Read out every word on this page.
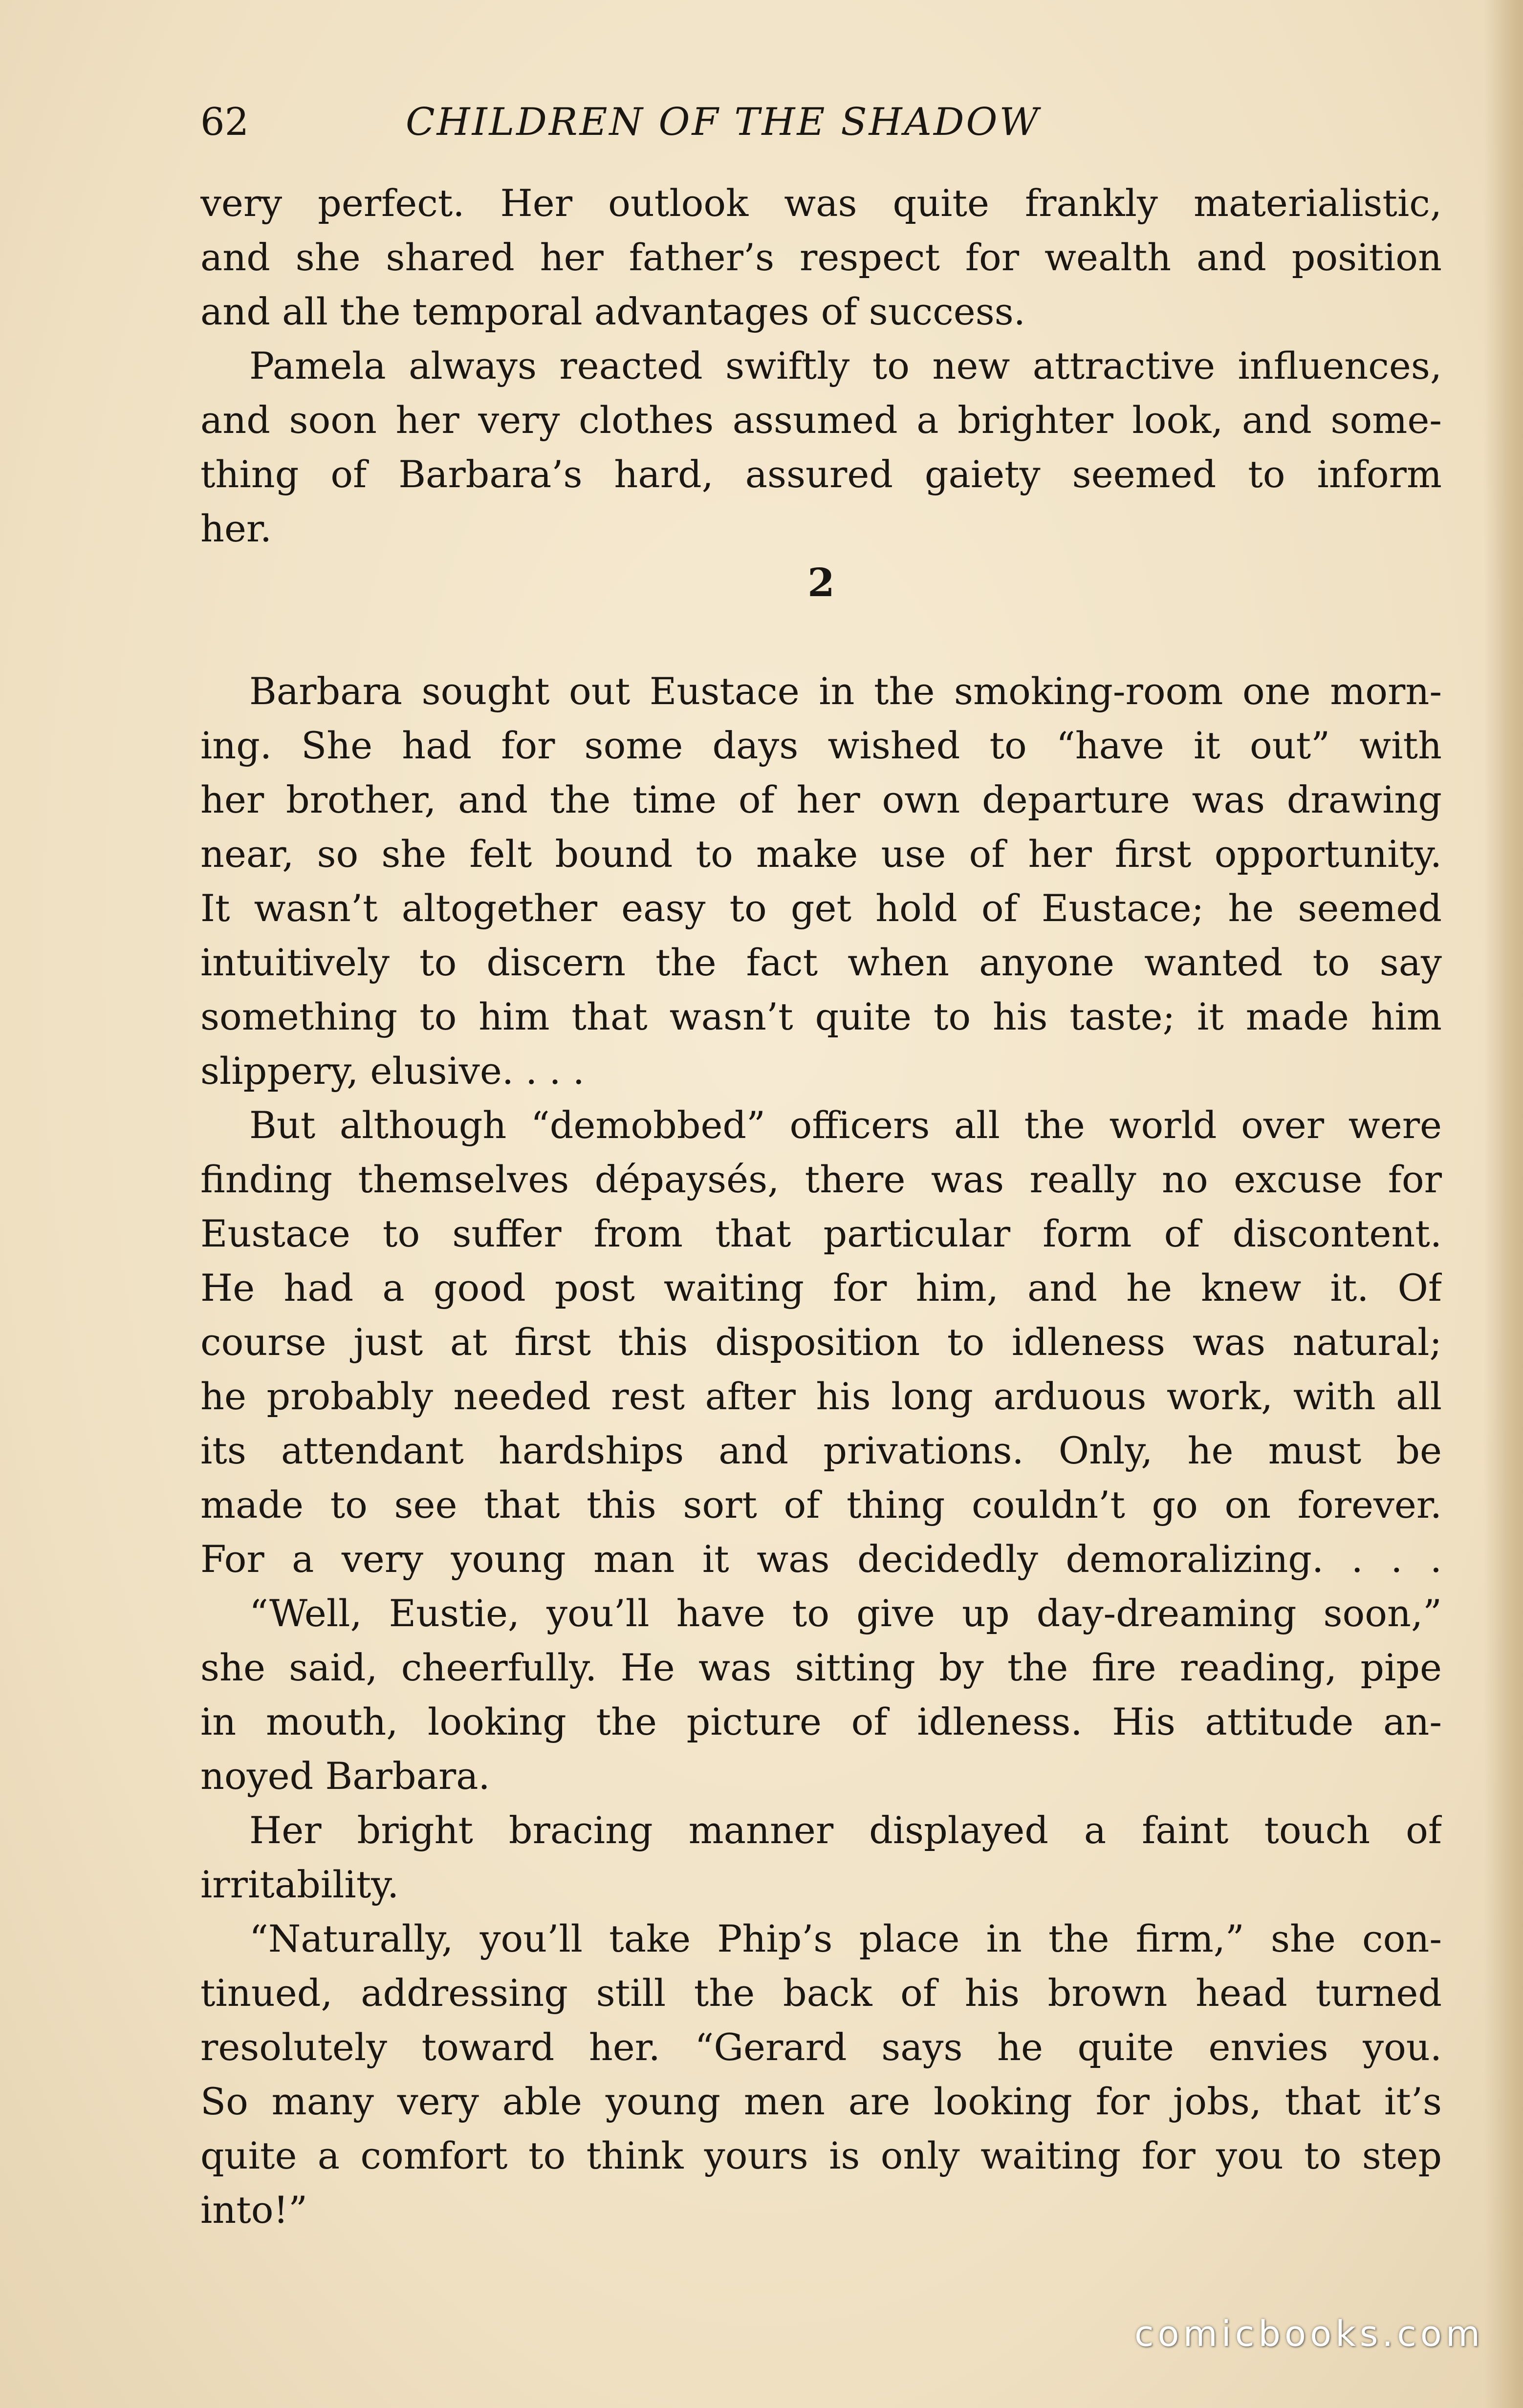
62	CHILDREN OF THE SHADOW
very perfect. Her outlook was quite frankly materialistic,
and she shared her father’s respect for wealth and position
and all the temporal advantages of success.
Pamela always reacted swiftly to new attractive influences,
and soon her very clothes assumed a brighter look, and some-
thing of Barbara’s hard, assured gaiety seemed to inform
her.
2
Barbara sought out Eustace in the smoking-room one morn-
ing. She had for some days wished to “have it out” with
her brother, and the time of her own departure was drawing
near, so she felt bound to make use of her first opportunity.
It wasn’t altogether easy to get hold of Eustace; he seemed
intuitively to discern the fact when anyone wanted to say
something to him that wasn’t quite to his taste; it made him
slippery, elusive. . . .
But although “demobbed” officers all the world over were
finding themselves dépaysés, there was really no excuse for
Eustace to suffer from that particular form of discontent.
He had a good post waiting for him, and he knew it. Of
course just at first this disposition to idleness was natural;
he probably needed rest after his long arduous work, with all
its attendant hardships and privations. Only, he must be
made to see that this sort of thing couldn’t go on forever.
For a very young man it was decidedly demoralizing. . . .
“Well, Eustie, you’ll have to give up day-dreaming soon,”
she said, cheerfully. He was sitting by the fire reading, pipe
in mouth, looking the picture of idleness. His attitude an-
noyed Barbara.
Her bright bracing manner displayed a faint touch of
irritability.
“Naturally, you’ll take Phip’s place in the firm,” she con-
tinued, addressing still the back of his brown head turned
resolutely toward her. “Gerard says he quite envies you.
So many very able young men are looking for jobs, that it’s
quite a comfort to think yours is only waiting for you to step
into!”
comicbooks.com
